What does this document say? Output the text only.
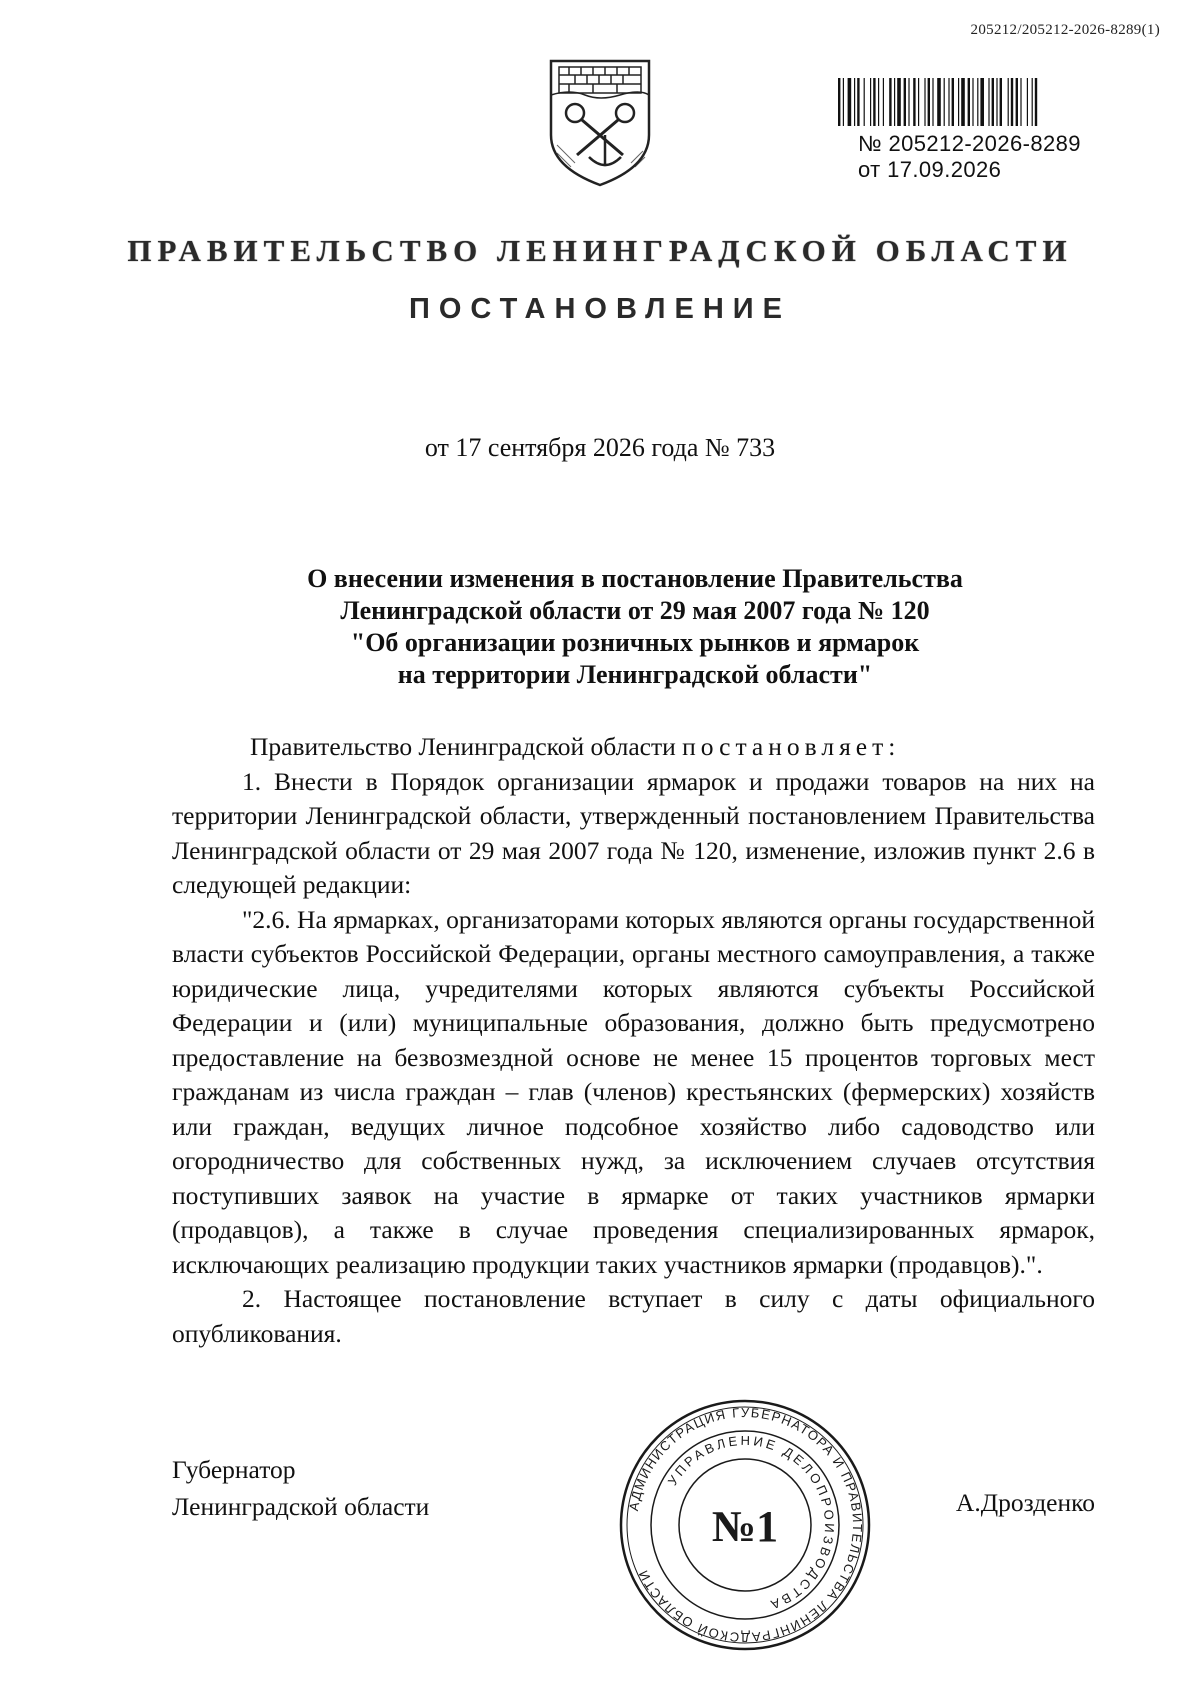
205212/205212-2026-8289(1)
№ 205212-2026-8289
от 17.09.2026
ПРАВИТЕЛЬСТВО ЛЕНИНГРАДСКОЙ ОБЛАСТИ
ПОСТАНОВЛЕНИЕ
от 17 сентября 2026 года № 733
О внесении изменения в постановление Правительства
Ленинградской области от 29 мая 2007 года № 120
"Об организации розничных рынков и ярмарок
на территории Ленинградской области"

Правительство Ленинградской области постановляет:

1. Внести в Порядок организации ярмарок и продажи товаров на них на территории Ленинградской области, утвержденный постановлением Правительства Ленинградской области от 29 мая 2007 года № 120, изменение, изложив пункт 2.6 в следующей редакции:

"2.6. На ярмарках, организаторами которых являются органы государственной власти субъектов Российской Федерации, органы местного самоуправления, а также юридические лица, учредителями которых являются субъекты Российской Федерации и (или) муниципальные образования, должно быть предусмотрено предоставление на безвозмездной основе не менее 15 процентов торговых мест гражданам из числа граждан – глав (членов) крестьянских (фермерских) хозяйств или граждан, ведущих личное подсобное хозяйство либо садоводство или огородничество для собственных нужд, за исключением случаев отсутствия поступивших заявок на участие в ярмарке от таких участников ярмарки (продавцов), а также в случае проведения специализированных ярмарок, исключающих реализацию продукции таких участников ярмарки (продавцов).".

2. Настоящее постановление вступает в силу с даты официального опубликования.

Губернатор
Ленинградской области	А.Дрозденко
АДМИНИСТРАЦИЯ ГУБЕРНАТОРА И ПРАВИТЕЛЬСТВА ЛЕНИНГРАДСКОЙ ОБЛАСТИ
УПРАВЛЕНИЕ ДЕЛОПРОИЗВОДСТВА
№1
